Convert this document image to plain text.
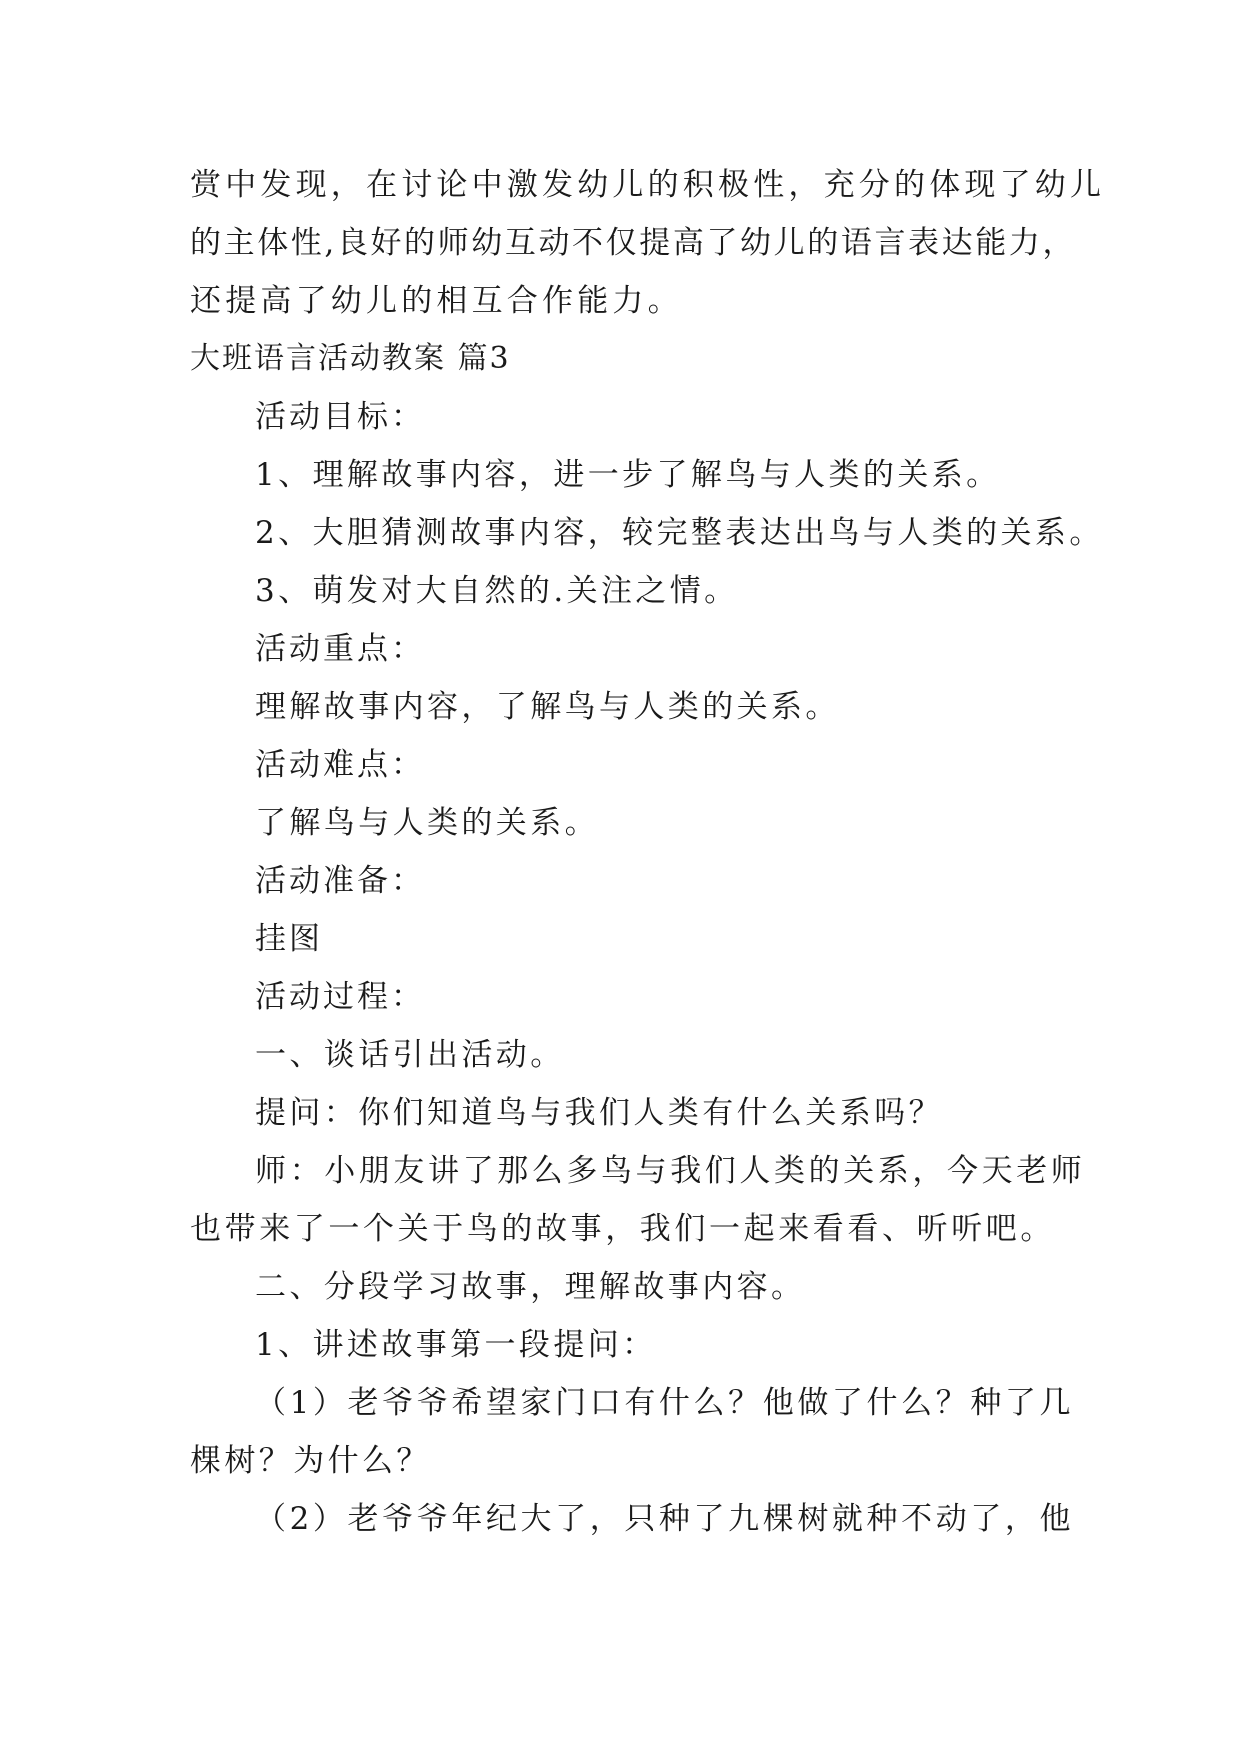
赏中发现，在讨论中激发幼儿的积极性，充分的体现了幼儿
的主体性,良好的师幼互动不仅提高了幼儿的语言表达能力，
还提高了幼儿的相互合作能力。
大班语言活动教案 篇3
活动目标：
1、理解故事内容，进一步了解鸟与人类的关系。
2、大胆猜测故事内容，较完整表达出鸟与人类的关系。
3、萌发对大自然的.关注之情。
活动重点：
理解故事内容，了解鸟与人类的关系。
活动难点：
了解鸟与人类的关系。
活动准备：
挂图
活动过程：
一、谈话引出活动。
提问：你们知道鸟与我们人类有什么关系吗？
师：小朋友讲了那么多鸟与我们人类的关系，今天老师
也带来了一个关于鸟的故事，我们一起来看看、听听吧。
二、分段学习故事，理解故事内容。
1、讲述故事第一段提问：
（1）老爷爷希望家门口有什么？他做了什么？种了几
棵树？为什么？
（2）老爷爷年纪大了，只种了九棵树就种不动了，他
